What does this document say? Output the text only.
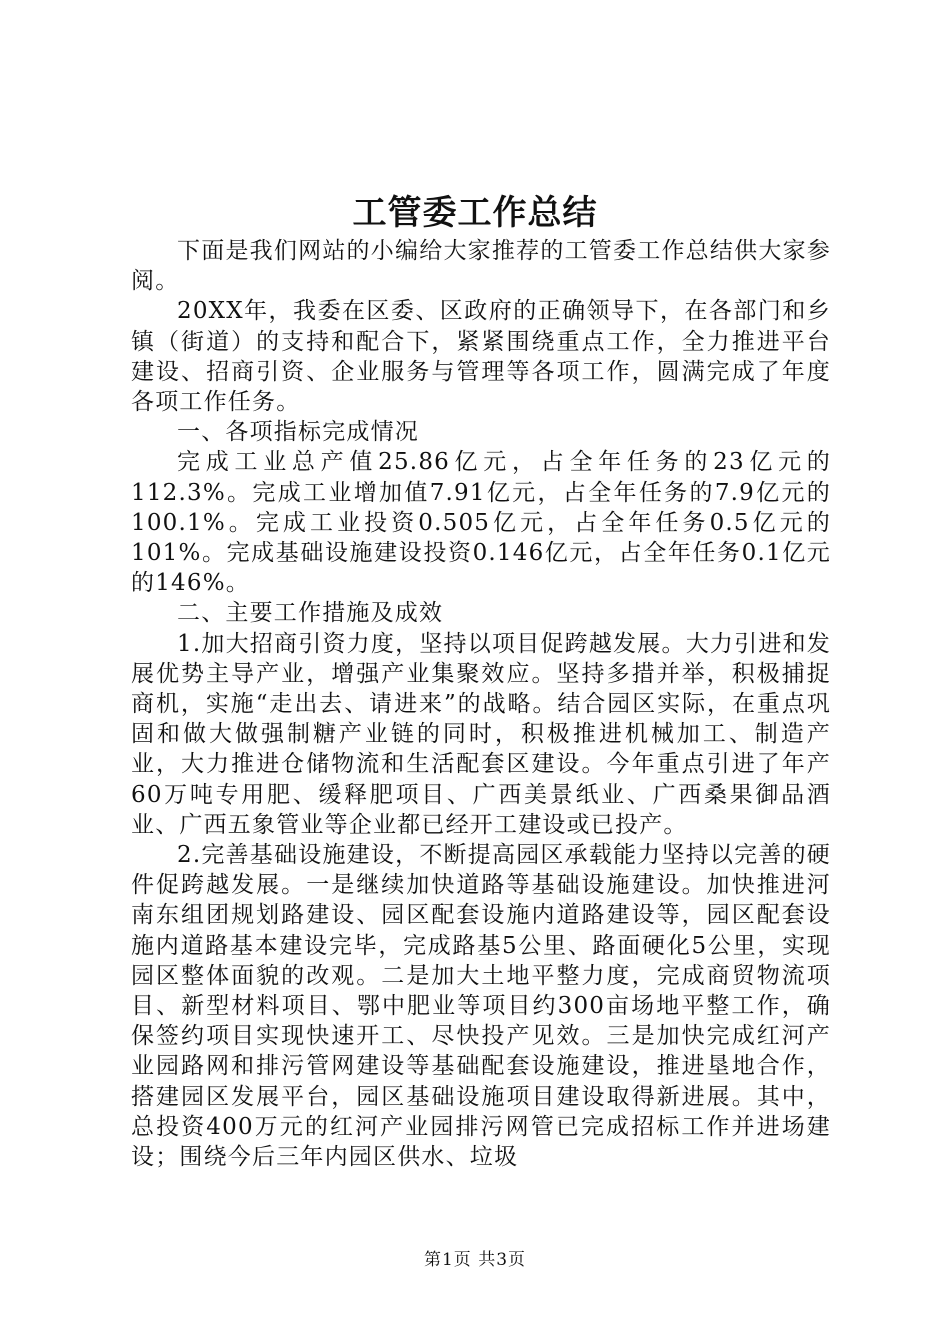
工管委工作总结

下面是我们网站的小编给大家推荐的工管委工作总结供大家参阅。

20XX年，我委在区委、区政府的正确领导下，在各部门和乡镇（街道）的支持和配合下，紧紧围绕重点工作，全力推进平台建设、招商引资、企业服务与管理等各项工作，圆满完成了年度各项工作任务。

一、各项指标完成情况

完成工业总产值25.86亿元，占全年任务的23亿元的112.3%。完成工业增加值7.91亿元，占全年任务的7.9亿元的100.1%。完成工业投资0.505亿元，占全年任务0.5亿元的101%。完成基础设施建设投资0.146亿元，占全年任务0.1亿元的146%。

二、主要工作措施及成效

1.加大招商引资力度，坚持以项目促跨越发展。大力引进和发展优势主导产业，增强产业集聚效应。坚持多措并举，积极捕捉商机，实施“走出去、请进来”的战略。结合园区实际，在重点巩固和做大做强制糖产业链的同时，积极推进机械加工、制造产业，大力推进仓储物流和生活配套区建设。今年重点引进了年产60万吨专用肥、缓释肥项目、广西美景纸业、广西桑果御品酒业、广西五象管业等企业都已经开工建设或已投产。

2.完善基础设施建设，不断提高园区承载能力坚持以完善的硬件促跨越发展。一是继续加快道路等基础设施建设。加快推进河南东组团规划路建设、园区配套设施内道路建设等，园区配套设施内道路基本建设完毕，完成路基5公里、路面硬化5公里，实现园区整体面貌的改观。二是加大土地平整力度，完成商贸物流项目、新型材料项目、鄂中肥业等项目约300亩场地平整工作，确保签约项目实现快速开工、尽快投产见效。三是加快完成红河产业园路网和排污管网建设等基础配套设施建设，推进垦地合作，搭建园区发展平台，园区基础设施项目建设取得新进展。其中，总投资400万元的红河产业园排污网管已完成招标工作并进场建设；围绕今后三年内园区供水、垃圾

第1页 共3页
